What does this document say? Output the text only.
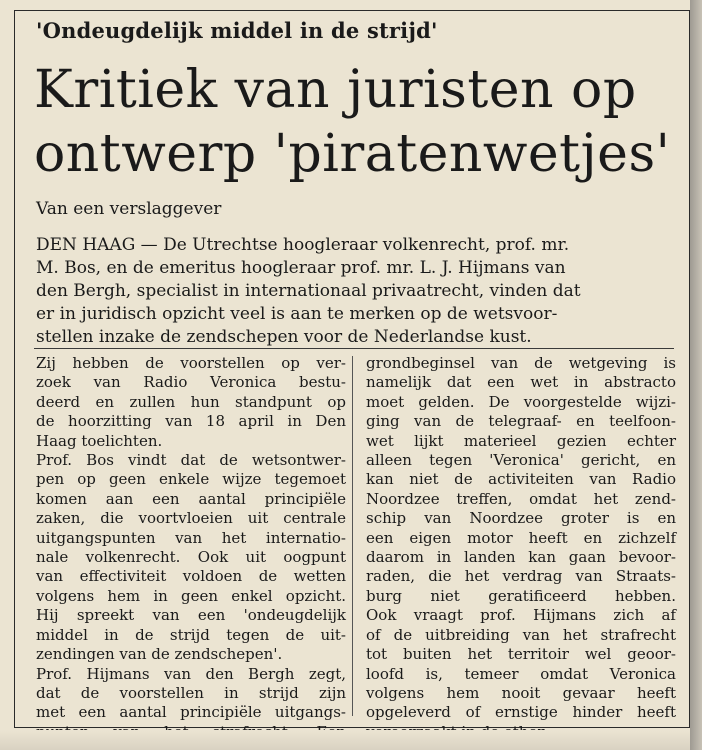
'Ondeugdelijk middel in de strijd'
Kritiek van juristen op
ontwerp 'piratenwetjes'
Van een verslaggever
DEN HAAG — De Utrechtse hoogleraar volkenrecht, prof. mr.
M. Bos, en de emeritus hoogleraar prof. mr. L. J. Hijmans van
den Bergh, specialist in internationaal privaatrecht, vinden dat
er in juridisch opzicht veel is aan te merken op de wetsvoor-
stellen inzake de zendschepen voor de Nederlandse kust.
Zij hebben de voorstellen op ver-
zoek van Radio Veronica bestu-
deerd en zullen hun standpunt op
de hoorzitting van 18 april in Den
Haag toelichten.
Prof. Bos vindt dat de wetsontwer-
pen op geen enkele wijze tegemoet
komen aan een aantal principiële
zaken, die voortvloeien uit centrale
uitgangspunten van het internatio-
nale volkenrecht. Ook uit oogpunt
van effectiviteit voldoen de wetten
volgens hem in geen enkel opzicht.
Hij spreekt van een 'ondeugdelijk
middel in de strijd tegen de uit-
zendingen van de zendschepen'.
Prof. Hijmans van den Bergh zegt,
dat de voorstellen in strijd zijn
met een aantal principiële uitgangs-
grondbeginsel van de wetgeving is
namelijk dat een wet in abstracto
moet gelden. De voorgestelde wijzi-
ging van de telegraaf- en teelfoon-
wet lijkt materieel gezien echter
alleen tegen 'Veronica' gericht, en
kan niet de activiteiten van Radio
Noordzee treffen, omdat het zend-
schip van Noordzee groter is en
een eigen motor heeft en zichzelf
daarom in landen kan gaan bevoor-
raden, die het verdrag van Straats-
burg niet geratificeerd hebben.
Ook vraagt prof. Hijmans zich af
of de uitbreiding van het strafrecht
tot buiten het territoir wel geoor-
loofd is, temeer omdat Veronica
volgens hem nooit gevaar heeft
opgeleverd of ernstige hinder heeft
